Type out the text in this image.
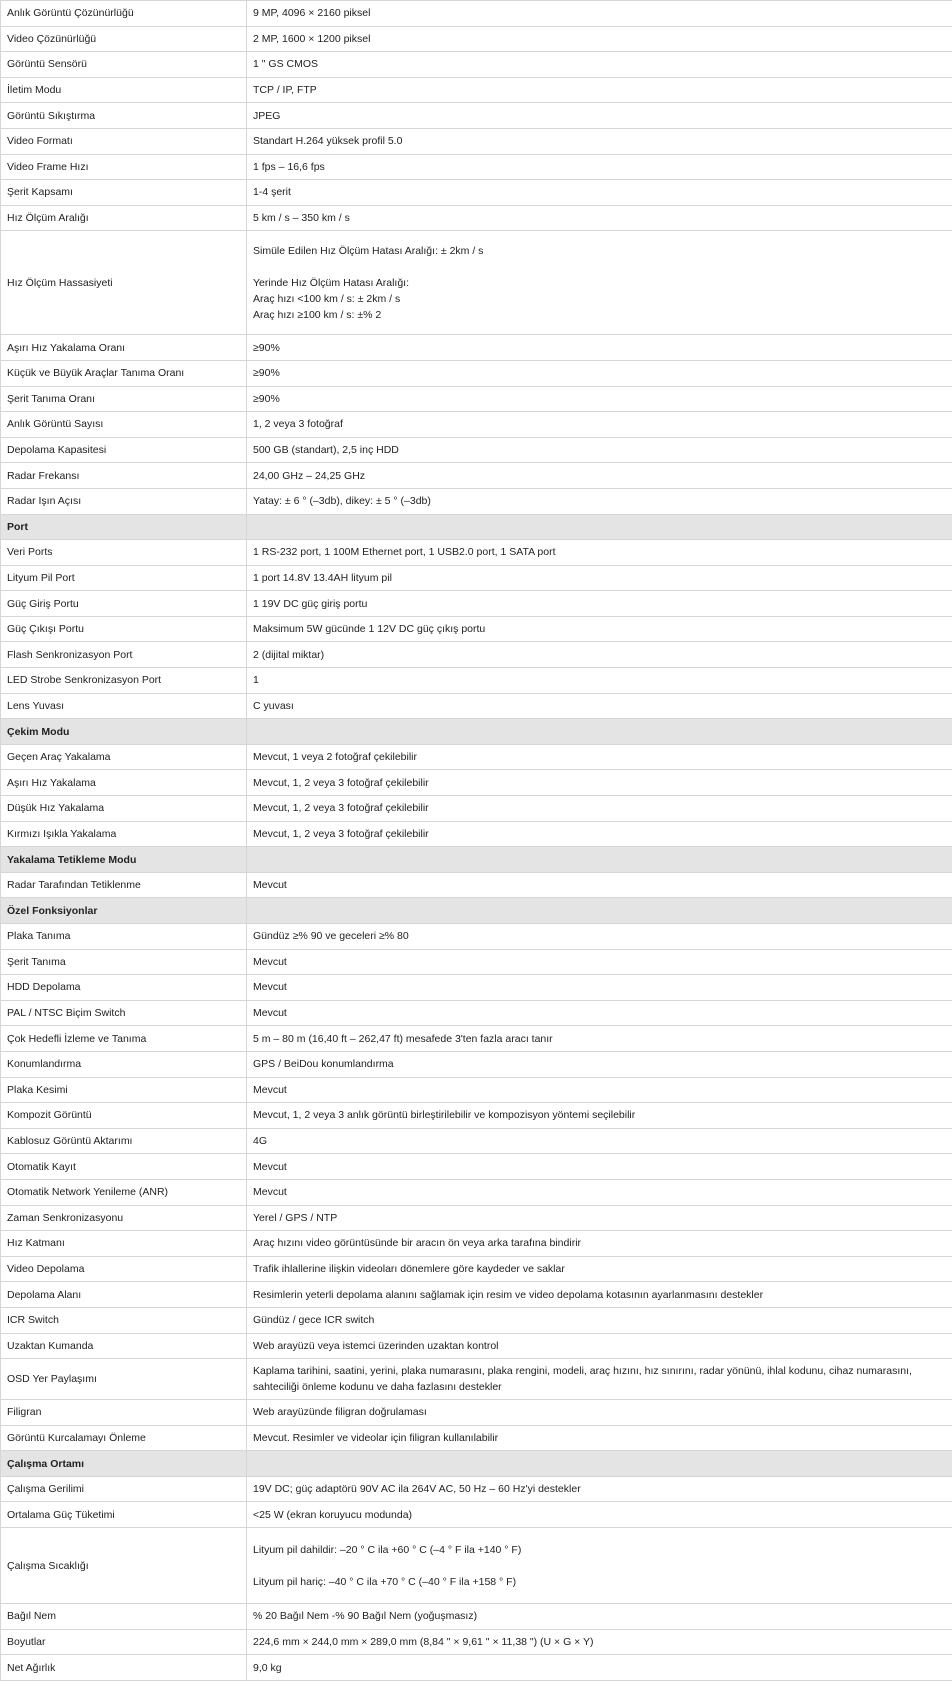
Anlık Görüntü Çözünürlüğü	9 MP, 4096 × 2160 piksel
Video Çözünürlüğü	2 MP, 1600 × 1200 piksel
Görüntü Sensörü	1 " GS CMOS
İletim Modu	TCP / IP, FTP
Görüntü Sıkıştırma	JPEG
Video Formatı	Standart H.264 yüksek profil 5.0
Video Frame Hızı	1 fps – 16,6 fps
Şerit Kapsamı	1-4 şerit
Hız Ölçüm Aralığı	5 km / s – 350 km / s
Hız Ölçüm Hassasiyeti	Simüle Edilen Hız Ölçüm Hatası Aralığı: ± 2km / s

Yerinde Hız Ölçüm Hatası Aralığı:
Araç hızı <100 km / s: ± 2km / s
Araç hızı ≥100 km / s: ±% 2
Aşırı Hız Yakalama Oranı	≥90%
Küçük ve Büyük Araçlar Tanıma Oranı	≥90%
Şerit Tanıma Oranı	≥90%
Anlık Görüntü Sayısı	1, 2 veya 3 fotoğraf
Depolama Kapasitesi	500 GB (standart), 2,5 inç HDD
Radar Frekansı	24,00 GHz – 24,25 GHz
Radar Işın Açısı	Yatay: ± 6 ° (–3db), dikey: ± 5 ° (–3db)
Port	
Veri Ports	1 RS-232 port, 1 100M Ethernet port, 1 USB2.0 port, 1 SATA port
Lityum Pil Port	1 port 14.8V 13.4AH lityum pil
Güç Giriş Portu	1 19V DC güç giriş portu
Güç Çıkışı Portu	Maksimum 5W gücünde 1 12V DC güç çıkış portu
Flash Senkronizasyon Port	2 (dijital miktar)
LED Strobe Senkronizasyon Port	1
Lens Yuvası	C yuvası
Çekim Modu	
Geçen Araç Yakalama	Mevcut, 1 veya 2 fotoğraf çekilebilir
Aşırı Hız Yakalama	Mevcut, 1, 2 veya 3 fotoğraf çekilebilir
Düşük Hız Yakalama	Mevcut, 1, 2 veya 3 fotoğraf çekilebilir
Kırmızı Işıkla Yakalama	Mevcut, 1, 2 veya 3 fotoğraf çekilebilir
Yakalama Tetikleme Modu	
Radar Tarafından Tetiklenme	Mevcut
Özel Fonksiyonlar	
Plaka Tanıma	Gündüz ≥% 90 ve geceleri ≥% 80
Şerit Tanıma	Mevcut
HDD Depolama	Mevcut
PAL / NTSC Biçim Switch	Mevcut
Çok Hedefli İzleme ve Tanıma	5 m – 80 m (16,40 ft – 262,47 ft) mesafede 3'ten fazla aracı tanır
Konumlandırma	GPS / BeiDou konumlandırma
Plaka Kesimi	Mevcut
Kompozit Görüntü	Mevcut, 1, 2 veya 3 anlık görüntü birleştirilebilir ve kompozisyon yöntemi seçilebilir
Kablosuz Görüntü Aktarımı	4G
Otomatik Kayıt	Mevcut
Otomatik Network Yenileme (ANR)	Mevcut
Zaman Senkronizasyonu	Yerel / GPS / NTP
Hız Katmanı	Araç hızını video görüntüsünde bir aracın ön veya arka tarafına bindirir
Video Depolama	Trafik ihlallerine ilişkin videoları dönemlere göre kaydeder ve saklar
Depolama Alanı	Resimlerin yeterli depolama alanını sağlamak için resim ve video depolama kotasının ayarlanmasını destekler
ICR Switch	Gündüz / gece ICR switch
Uzaktan Kumanda	Web arayüzü veya istemci üzerinden uzaktan kontrol
OSD Yer Paylaşımı	Kaplama tarihini, saatini, yerini, plaka numarasını, plaka rengini, modeli, araç hızını, hız sınırını, radar yönünü, ihlal kodunu, cihaz numarasını,
sahteciliği önleme kodunu ve daha fazlasını destekler
Filigran	Web arayüzünde filigran doğrulaması
Görüntü Kurcalamayı Önleme	Mevcut. Resimler ve videolar için filigran kullanılabilir
Çalışma Ortamı	
Çalışma Gerilimi	19V DC; güç adaptörü 90V AC ila 264V AC, 50 Hz – 60 Hz'yi destekler
Ortalama Güç Tüketimi	<25 W (ekran koruyucu modunda)
Çalışma Sıcaklığı	Lityum pil dahildir: –20 ° C ila +60 ° C (–4 ° F ila +140 ° F)

Lityum pil hariç: –40 ° C ila +70 ° C (–40 ° F ila +158 ° F)
Bağıl Nem	% 20 Bağıl Nem -% 90 Bağıl Nem (yoğuşmasız)
Boyutlar	224,6 mm × 244,0 mm × 289,0 mm (8,84 " × 9,61 " × 11,38 ") (U × G × Y)
Net Ağırlık	9,0 kg
